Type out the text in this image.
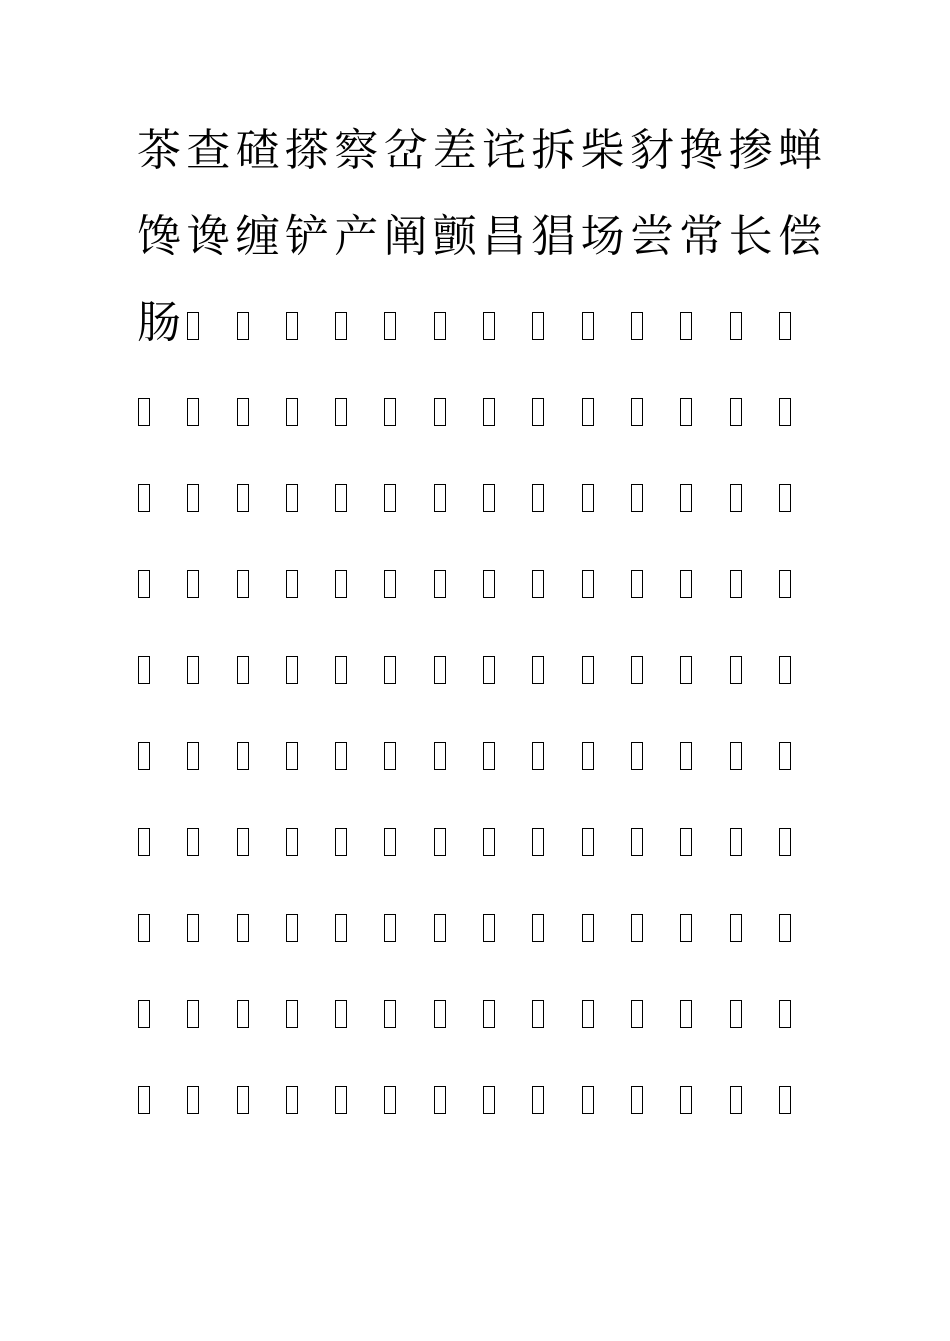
茶 查 碴 搽 察 岔 差 诧 拆 柴 豺 搀 掺 蝉
馋 谗 缠 铲 产 阐 颤 昌 猖 场 尝 常 长 偿
肠
